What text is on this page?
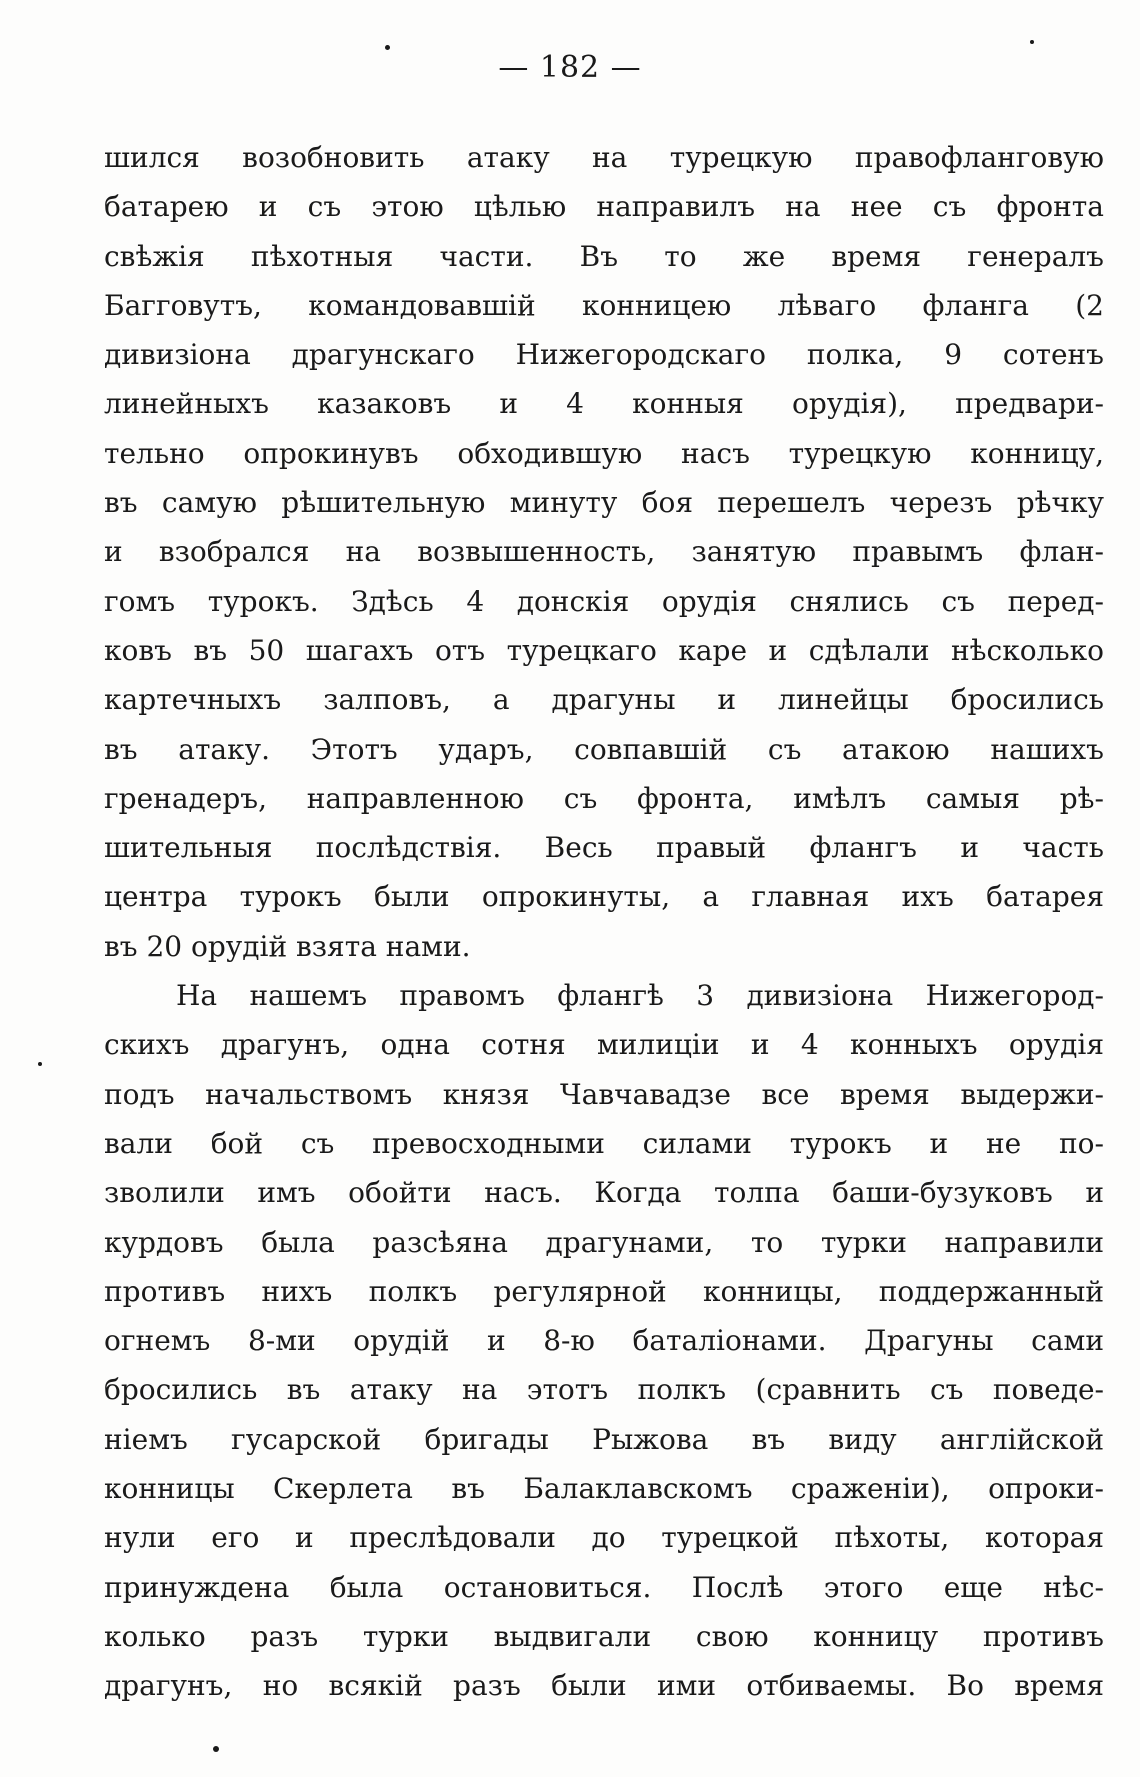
— 182 —
шился возобновить атаку на турецкую правофланговую
батарею и съ этою цѣлью направилъ на нее съ фронта
свѣжія пѣхотныя части. Въ то же время генералъ
Багговутъ, командовавшій конницею лѣваго фланга (2
дивизіона драгунскаго Нижегородскаго полка, 9 сотенъ
линейныхъ казаковъ и 4 конныя орудія), предвари-
тельно опрокинувъ обходившую насъ турецкую конницу,
въ самую рѣшительную минуту боя перешелъ черезъ рѣчку
и взобрался на возвышенность, занятую правымъ флан-
гомъ турокъ. Здѣсь 4 донскія орудія снялись съ перед-
ковъ въ 50 шагахъ отъ турецкаго каре и сдѣлали нѣсколько
картечныхъ залповъ, а драгуны и линейцы бросились
въ атаку. Этотъ ударъ, совпавшій съ атакою нашихъ
гренадеръ, направленною съ фронта, имѣлъ самыя рѣ-
шительныя послѣдствія. Весь правый флангъ и часть
центра турокъ были опрокинуты, а главная ихъ батарея
въ 20 орудій взята нами.
На нашемъ правомъ флангѣ 3 дивизіона Нижегород-
скихъ драгунъ, одна сотня милиціи и 4 конныхъ орудія
подъ начальствомъ князя Чавчавадзе все время выдержи-
вали бой съ превосходными силами турокъ и не по-
зволили имъ обойти насъ. Когда толпа баши-бузуковъ и
курдовъ была разсѣяна драгунами, то турки направили
противъ нихъ полкъ регулярной конницы, поддержанный
огнемъ 8-ми орудій и 8-ю баталіонами. Драгуны сами
бросились въ атаку на этотъ полкъ (сравнить съ поведе-
ніемъ гусарской бригады Рыжова въ виду англійской
конницы Скерлета въ Балаклавскомъ сраженіи), опроки-
нули его и преслѣдовали до турецкой пѣхоты, которая
принуждена была остановиться. Послѣ этого еще нѣс-
колько разъ турки выдвигали свою конницу противъ
драгунъ, но всякій разъ были ими отбиваемы. Во время
